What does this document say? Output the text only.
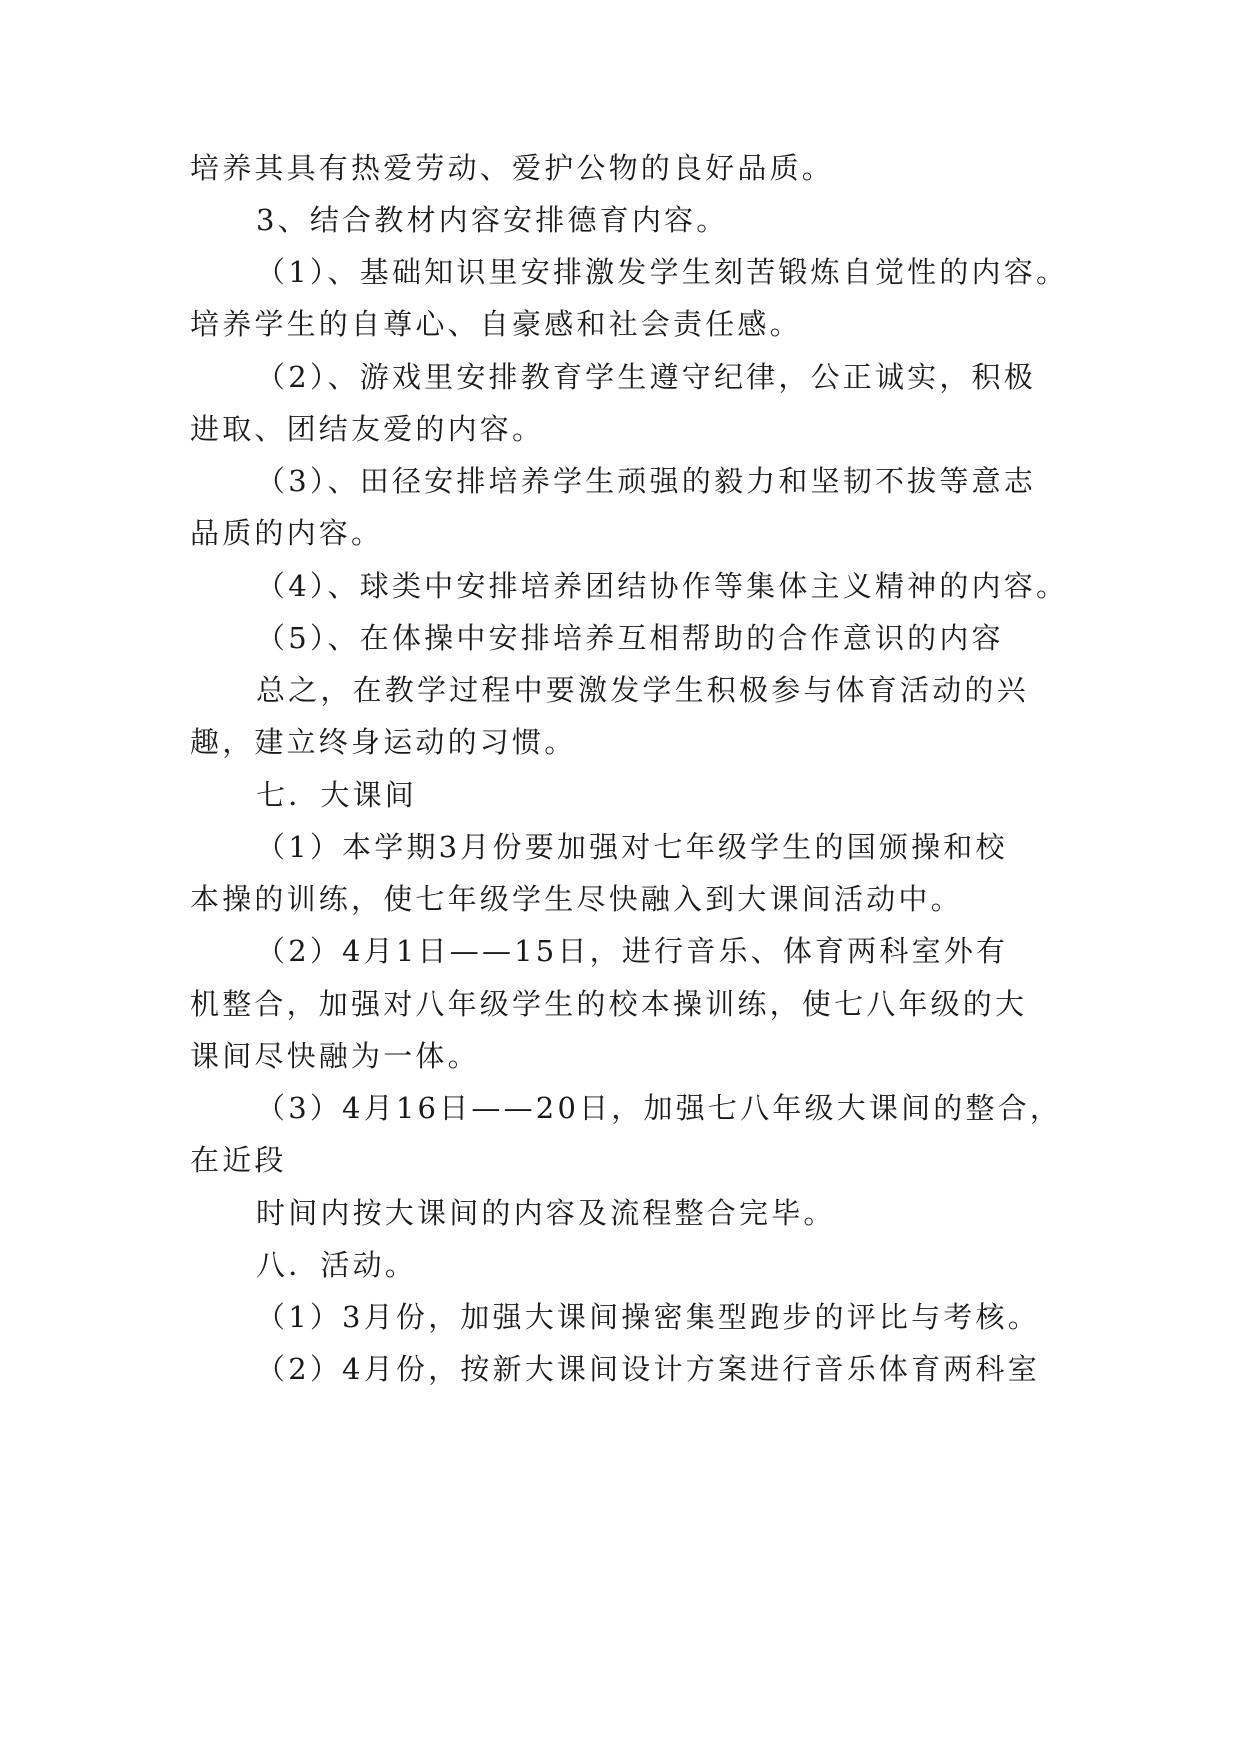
培养其具有热爱劳动、爱护公物的良好品质。
3、结合教材内容安排德育内容。
（1）、基础知识里安排激发学生刻苦锻炼自觉性的内容。
培养学生的自尊心、自豪感和社会责任感。
（2）、游戏里安排教育学生遵守纪律，公正诚实，积极
进取、团结友爱的内容。
（3）、田径安排培养学生顽强的毅力和坚韧不拔等意志
品质的内容。
（4）、球类中安排培养团结协作等集体主义精神的内容。
（5）、在体操中安排培养互相帮助的合作意识的内容
总之，在教学过程中要激发学生积极参与体育活动的兴
趣，建立终身运动的习惯。
七．大课间
（1）本学期3月份要加强对七年级学生的国颁操和校
本操的训练，使七年级学生尽快融入到大课间活动中。
（2）4月1日——15日，进行音乐、体育两科室外有
机整合，加强对八年级学生的校本操训练，使七八年级的大
课间尽快融为一体。
（3）4月16日——20日，加强七八年级大课间的整合，
在近段
时间内按大课间的内容及流程整合完毕。
八．活动。
（1）3月份，加强大课间操密集型跑步的评比与考核。
（2）4月份，按新大课间设计方案进行音乐体育两科室
